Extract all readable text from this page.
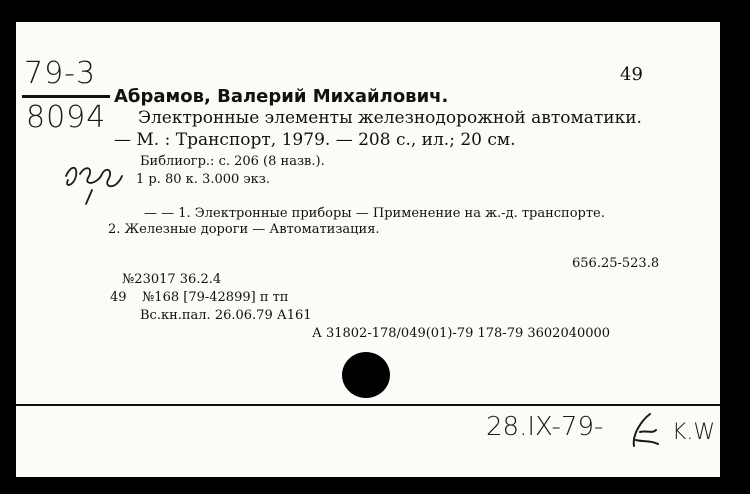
79-3
8094
49
Абрамов, Валерий Михайлович.
Электронные элементы железнодорожной автоматики.
— М. : Транспорт, 1979. — 208 с., ил.; 20 см.
Библиогр.: с. 206 (8 назв.).
1 р. 80 к. 3.000 экз.
— — 1. Электронные приборы — Применение на ж.-д. транспорте.
2. Железные дороги — Автоматизация.
656.25-523.8
№23017 36.2.4
49 №168 [79-42899] п тп
Вс.кн.пал. 26.06.79 А161
А 31802-178/049(01)-79 178-79 3602040000
28.IX-79-	K.W
